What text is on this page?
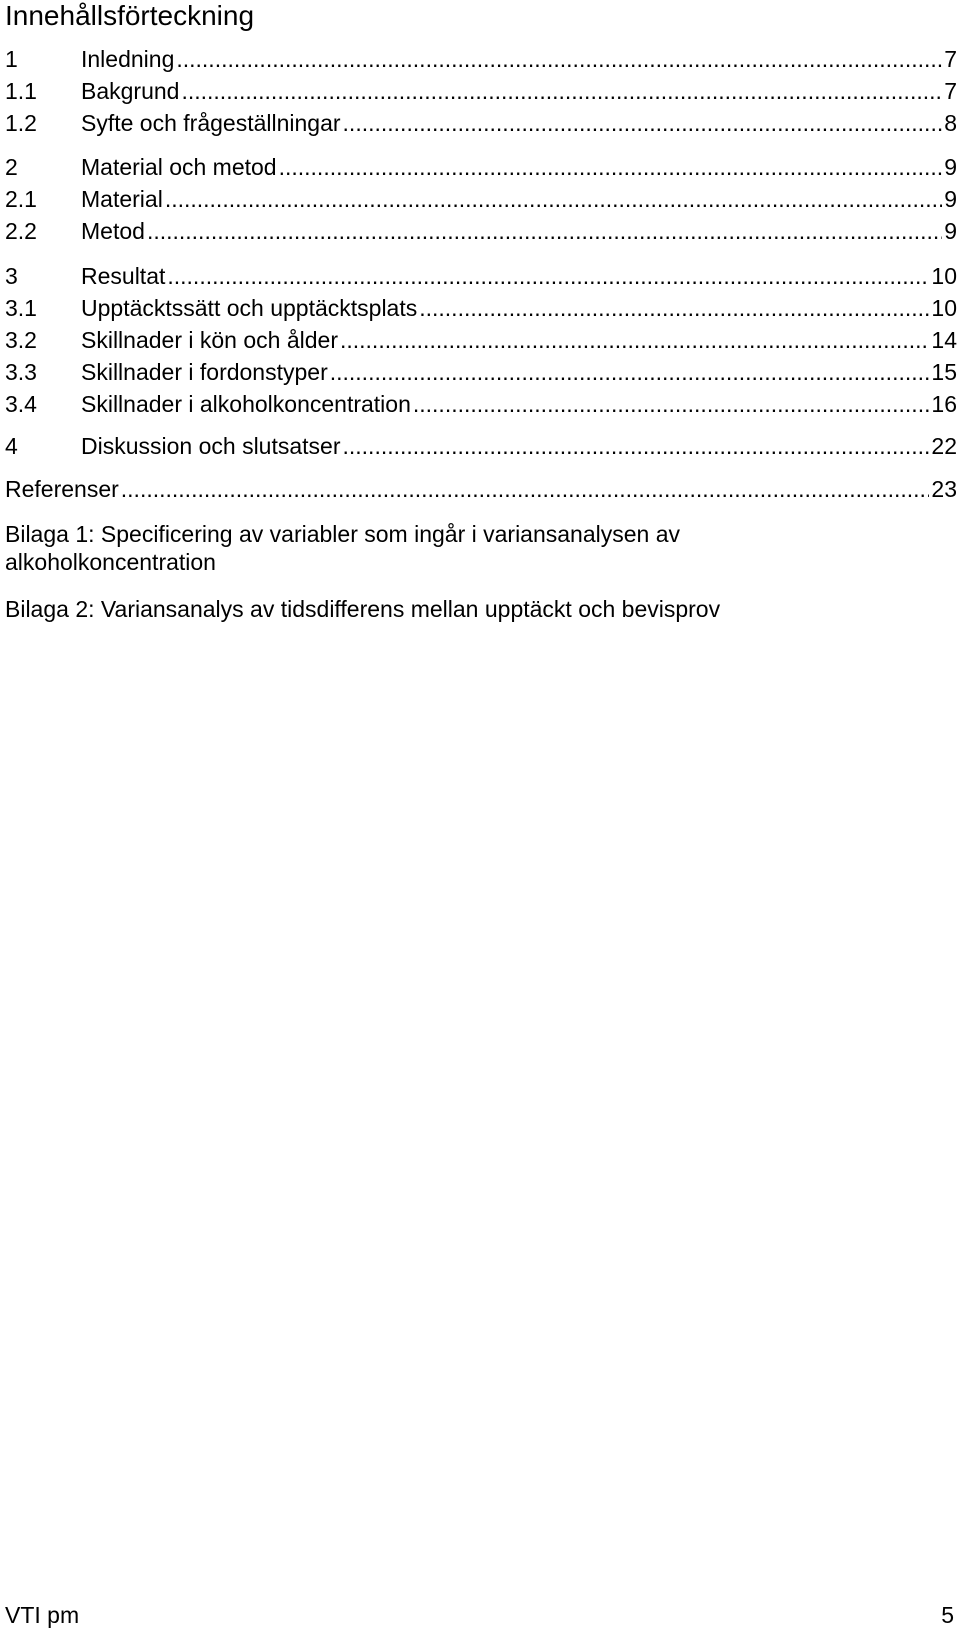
Innehållsförteckning
1	Inledning .....	7
1.1	Bakgrund .....	7
1.2	Syfte och frågeställningar .....	8
2	Material och metod .....	9
2.1	Material .....	9
2.2	Metod .....	9
3	Resultat .....	10
3.1	Upptäcktssätt och upptäcktsplats .....	10
3.2	Skillnader i kön och ålder .....	14
3.3	Skillnader i fordonstyper .....	15
3.4	Skillnader i alkoholkoncentration .....	16
4	Diskussion och slutsatser .....	22
Referenser .....	23
Bilaga 1: Specificering av variabler som ingår i variansanalysen av
alkoholkoncentration
Bilaga 2: Variansanalys av tidsdifferens mellan upptäckt och bevisprov
VTI pm	5
